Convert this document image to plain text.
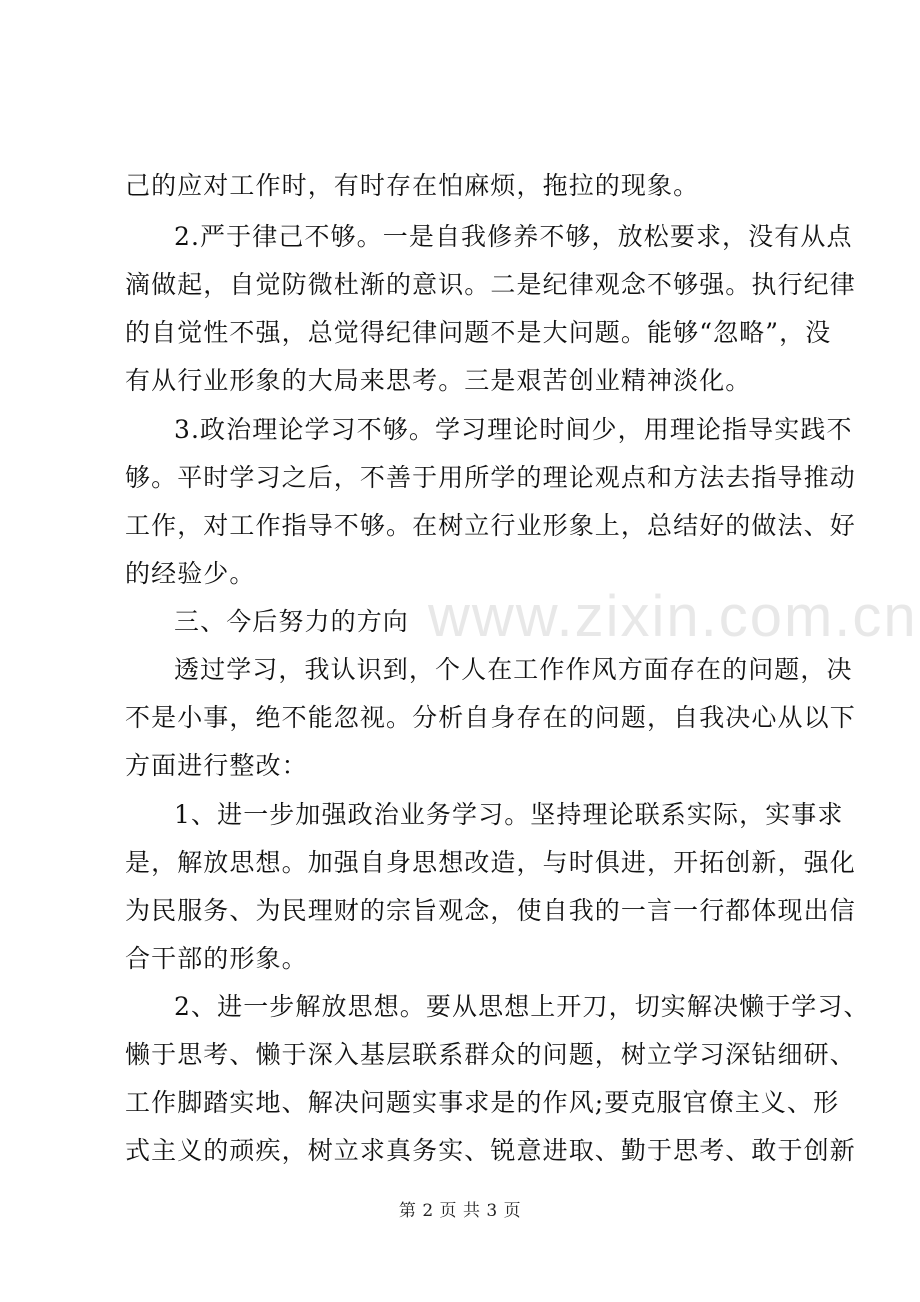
www.zixin.com.cn
己的应对工作时，有时存在怕麻烦，拖拉的现象。
2.严于律己不够。一是自我修养不够，放松要求，没有从点
滴做起，自觉防微杜渐的意识。二是纪律观念不够强。执行纪律
的自觉性不强，总觉得纪律问题不是大问题。能够“忽略”，没
有从行业形象的大局来思考。三是艰苦创业精神淡化。
3.政治理论学习不够。学习理论时间少，用理论指导实践不
够。平时学习之后，不善于用所学的理论观点和方法去指导推动
工作，对工作指导不够。在树立行业形象上，总结好的做法、好
的经验少。
三、今后努力的方向
透过学习，我认识到，个人在工作作风方面存在的问题，决
不是小事，绝不能忽视。分析自身存在的问题，自我决心从以下
方面进行整改：
1、进一步加强政治业务学习。坚持理论联系实际，实事求
是，解放思想。加强自身思想改造，与时俱进，开拓创新，强化
为民服务、为民理财的宗旨观念，使自我的一言一行都体现出信
合干部的形象。
2、进一步解放思想。要从思想上开刀，切实解决懒于学习、
懒于思考、懒于深入基层联系群众的问题，树立学习深钻细研、
工作脚踏实地、解决问题实事求是的作风;要克服官僚主义、形
式主义的顽疾，树立求真务实、锐意进取、勤于思考、敢于创新
第 2 页 共 3 页
